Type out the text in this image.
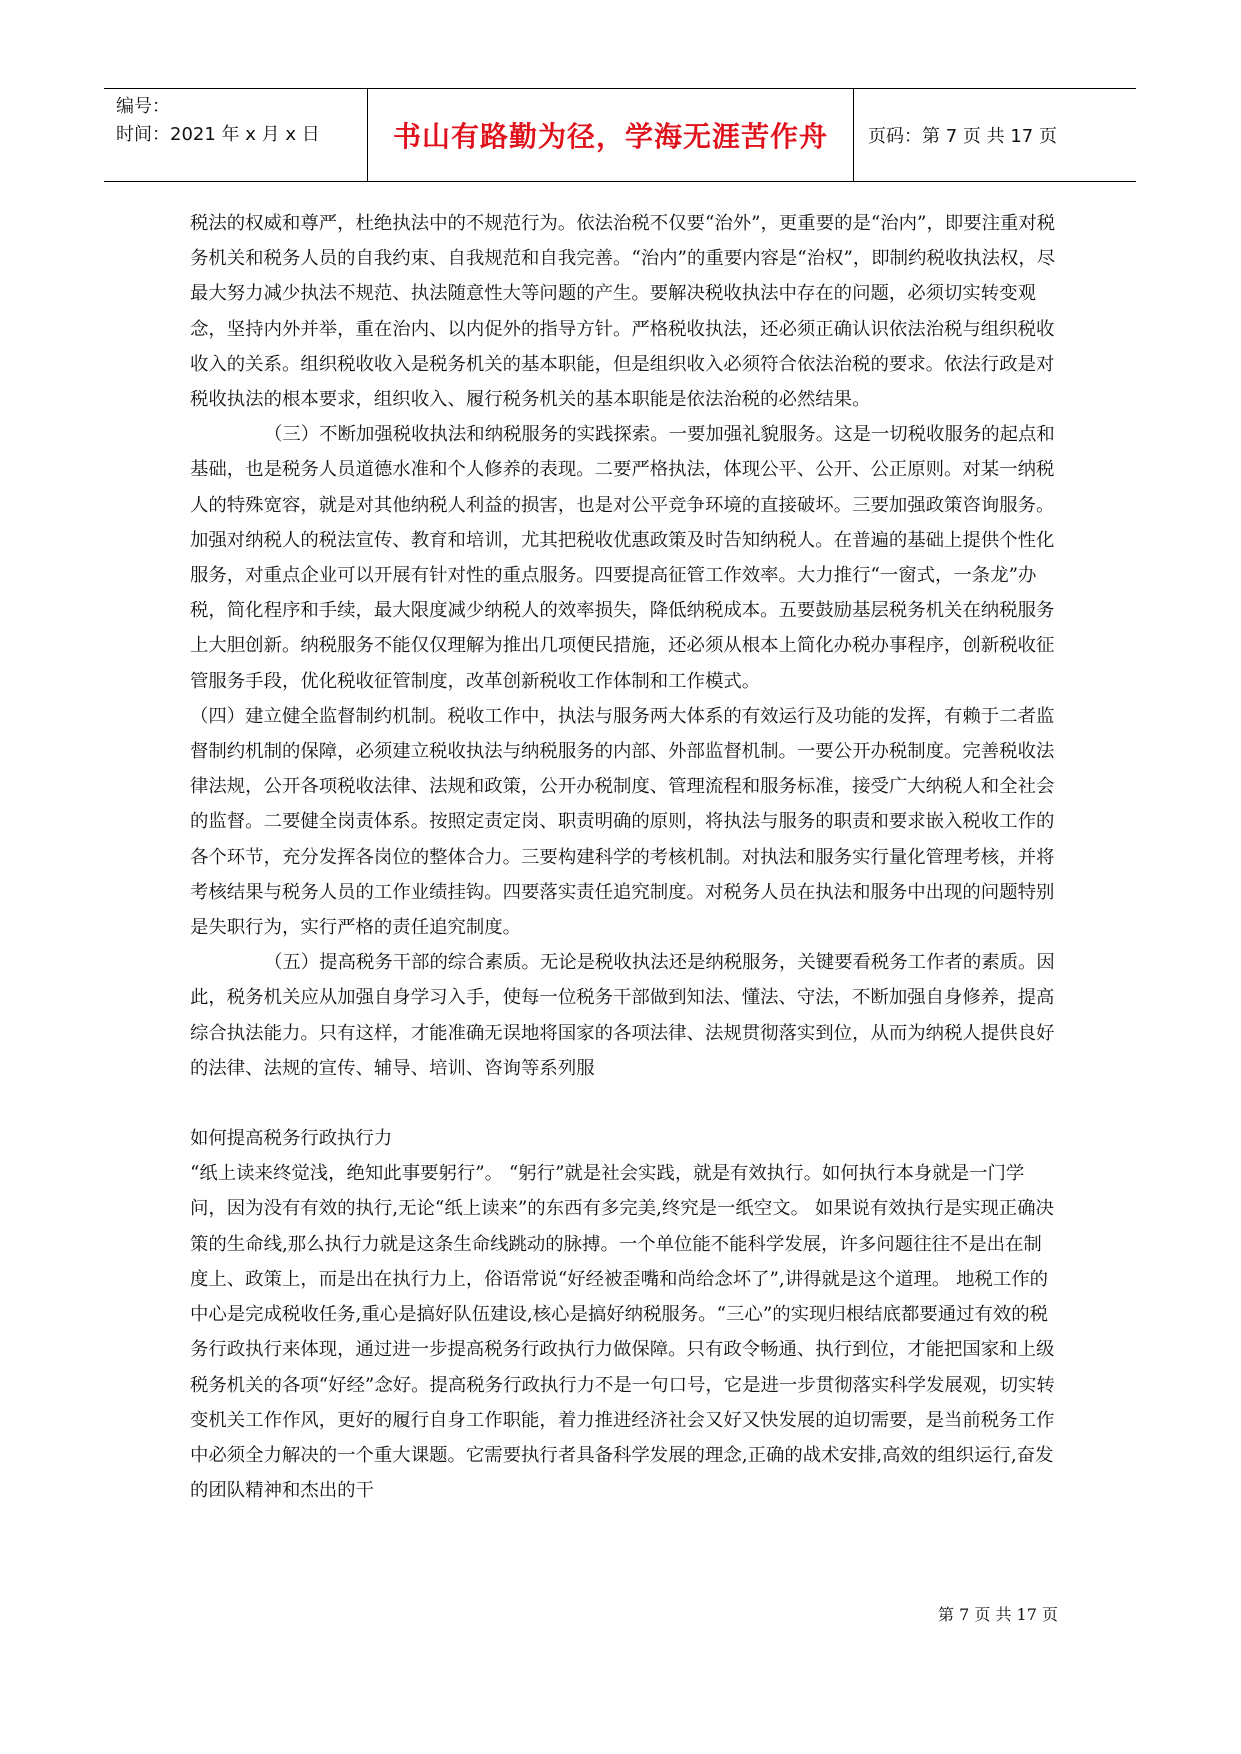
编号：
时间：2021 年 x 月 x 日	书山有路勤为径，学海无涯苦作舟	页码：第 7 页 共 17 页

税法的权威和尊严，杜绝执法中的不规范行为。依法治税不仅要“治外”，更重要的是“治内”，即要注重对税务机关和税务人员的自我约束、自我规范和自我完善。“治内”的重要内容是“治权”，即制约税收执法权，尽最大努力减少执法不规范、执法随意性大等问题的产生。要解决税收执法中存在的问题，必须切实转变观念，坚持内外并举，重在治内、以内促外的指导方针。严格税收执法，还必须正确认识依法治税与组织税收收入的关系。组织税收收入是税务机关的基本职能，但是组织收入必须符合依法治税的要求。依法行政是对税收执法的根本要求，组织收入、履行税务机关的基本职能是依法治税的必然结果。

（三）不断加强税收执法和纳税服务的实践探索。一要加强礼貌服务。这是一切税收服务的起点和基础，也是税务人员道德水准和个人修养的表现。二要严格执法，体现公平、公开、公正原则。对某一纳税人的特殊宽容，就是对其他纳税人利益的损害，也是对公平竞争环境的直接破坏。三要加强政策咨询服务。加强对纳税人的税法宣传、教育和培训，尤其把税收优惠政策及时告知纳税人。在普遍的基础上提供个性化服务，对重点企业可以开展有针对性的重点服务。四要提高征管工作效率。大力推行“一窗式，一条龙”办税，简化程序和手续，最大限度减少纳税人的效率损失，降低纳税成本。五要鼓励基层税务机关在纳税服务上大胆创新。纳税服务不能仅仅理解为推出几项便民措施，还必须从根本上简化办税办事程序，创新税收征管服务手段，优化税收征管制度，改革创新税收工作体制和工作模式。

（四）建立健全监督制约机制。税收工作中，执法与服务两大体系的有效运行及功能的发挥，有赖于二者监督制约机制的保障，必须建立税收执法与纳税服务的内部、外部监督机制。一要公开办税制度。完善税收法律法规，公开各项税收法律、法规和政策，公开办税制度、管理流程和服务标准，接受广大纳税人和全社会的监督。二要健全岗责体系。按照定责定岗、职责明确的原则，将执法与服务的职责和要求嵌入税收工作的各个环节，充分发挥各岗位的整体合力。三要构建科学的考核机制。对执法和服务实行量化管理考核，并将考核结果与税务人员的工作业绩挂钩。四要落实责任追究制度。对税务人员在执法和服务中出现的问题特别是失职行为，实行严格的责任追究制度。

（五）提高税务干部的综合素质。无论是税收执法还是纳税服务，关键要看税务工作者的素质。因此，税务机关应从加强自身学习入手，使每一位税务干部做到知法、懂法、守法，不断加强自身修养，提高综合执法能力。只有这样，才能准确无误地将国家的各项法律、法规贯彻落实到位，从而为纳税人提供良好的法律、法规的宣传、辅导、培训、咨询等系列服

如何提高税务行政执行力

“纸上读来终觉浅，绝知此事要躬行”。 “躬行”就是社会实践，就是有效执行。如何执行本身就是一门学问，因为没有有效的执行,无论“纸上读来”的东西有多完美,终究是一纸空文。 如果说有效执行是实现正确决策的生命线,那么执行力就是这条生命线跳动的脉搏。一个单位能不能科学发展，许多问题往往不是出在制度上、政策上，而是出在执行力上，俗语常说“好经被歪嘴和尚给念坏了”,讲得就是这个道理。 地税工作的中心是完成税收任务,重心是搞好队伍建设,核心是搞好纳税服务。“三心”的实现归根结底都要通过有效的税务行政执行来体现，通过进一步提高税务行政执行力做保障。只有政令畅通、执行到位，才能把国家和上级税务机关的各项“好经”念好。提高税务行政执行力不是一句口号，它是进一步贯彻落实科学发展观，切实转变机关工作作风，更好的履行自身工作职能，着力推进经济社会又好又快发展的迫切需要，是当前税务工作中必须全力解决的一个重大课题。它需要执行者具备科学发展的理念,正确的战术安排,高效的组织运行,奋发的团队精神和杰出的干

第 7 页 共 17 页
